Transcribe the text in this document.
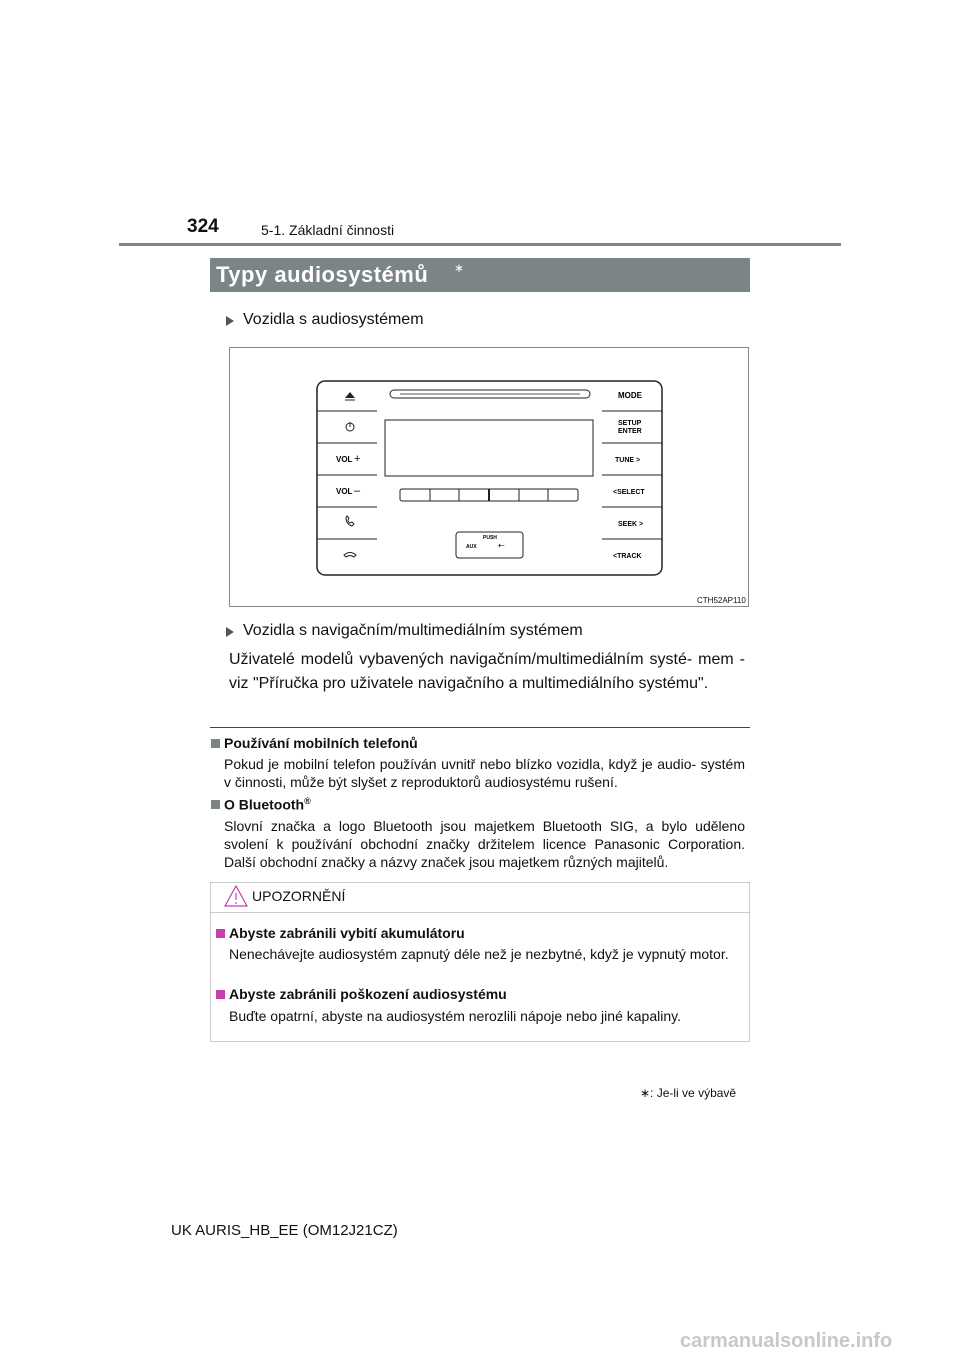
324	5-1. Základní činnosti
Typy audiosystémů ∗
Vozidla s audiosystémem
VOL +
VOL –
MODE
SETUP
ENTER
TUNE >
<SELECT
SEEK >
<TRACK
PUSH
AUX	⇠
CTH52AP110
Vozidla s navigačním/multimediálním systémem
Uživatelé modelů vybavených navigačním/multimediálním systé- mem - viz "Příručka pro uživatele navigačního a multimediálního systému".
Používání mobilních telefonů
Pokud je mobilní telefon používán uvnitř nebo blízko vozidla, když je audio- systém v činnosti, může být slyšet z reproduktorů audiosystému rušení.
O Bluetooth®
Slovní značka a logo Bluetooth jsou majetkem Bluetooth SIG, a bylo uděleno svolení k používání obchodní značky držitelem licence Panasonic Corporation. Další obchodní značky a názvy značek jsou majetkem různých majitelů.
UPOZORNĚNÍ
Abyste zabránili vybití akumulátoru
Nenechávejte audiosystém zapnutý déle než je nezbytné, když je vypnutý motor.
Abyste zabránili poškození audiosystému
Buďte opatrní, abyste na audiosystém nerozlili nápoje nebo jiné kapaliny.
∗: Je-li ve výbavě
UK AURIS_HB_EE (OM12J21CZ)
carmanualsonline.info
